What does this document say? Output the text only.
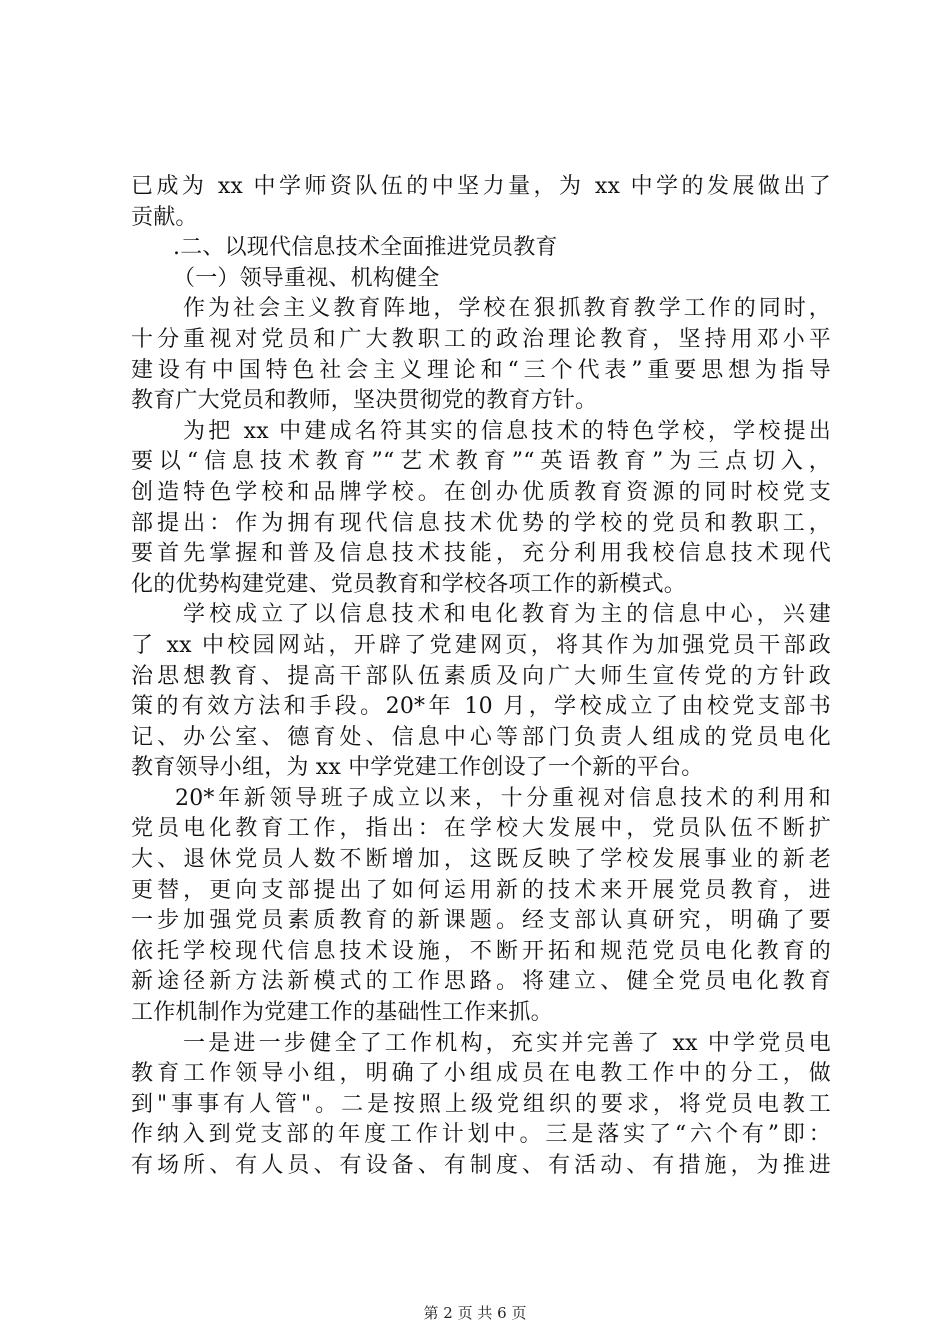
已成为 xx 中学师资队伍的中坚力量，为 xx 中学的发展做出了
贡献。
.二、以现代信息技术全面推进党员教育
（一）领导重视、机构健全
作为社会主义教育阵地，学校在狠抓教育教学工作的同时，
十分重视对党员和广大教职工的政治理论教育，坚持用邓小平
建设有中国特色社会主义理论和“三个代表”重要思想为指导
教育广大党员和教师，坚决贯彻党的教育方针。
为把 xx 中建成名符其实的信息技术的特色学校，学校提出
要以“信息技术教育”“艺术教育”“英语教育”为三点切入，
创造特色学校和品牌学校。在创办优质教育资源的同时校党支
部提出：作为拥有现代信息技术优势的学校的党员和教职工，
要首先掌握和普及信息技术技能，充分利用我校信息技术现代
化的优势构建党建、党员教育和学校各项工作的新模式。
学校成立了以信息技术和电化教育为主的信息中心，兴建
了 xx 中校园网站，开辟了党建网页，将其作为加强党员干部政
治思想教育、提高干部队伍素质及向广大师生宣传党的方针政
策的有效方法和手段。20*年 10 月，学校成立了由校党支部书
记、办公室、德育处、信息中心等部门负责人组成的党员电化
教育领导小组，为 xx 中学党建工作创设了一个新的平台。
20*年新领导班子成立以来，十分重视对信息技术的利用和
党员电化教育工作，指出：在学校大发展中，党员队伍不断扩
大、退休党员人数不断增加，这既反映了学校发展事业的新老
更替，更向支部提出了如何运用新的技术来开展党员教育，进
一步加强党员素质教育的新课题。经支部认真研究，明确了要
依托学校现代信息技术设施，不断开拓和规范党员电化教育的
新途径新方法新模式的工作思路。将建立、健全党员电化教育
工作机制作为党建工作的基础性工作来抓。
一是进一步健全了工作机构，充实并完善了 xx 中学党员电
教育工作领导小组，明确了小组成员在电教工作中的分工，做
到"事事有人管"。二是按照上级党组织的要求，将党员电教工
作纳入到党支部的年度工作计划中。三是落实了“六个有”即：
有场所、有人员、有设备、有制度、有活动、有措施，为推进
第 2 页 共 6 页
